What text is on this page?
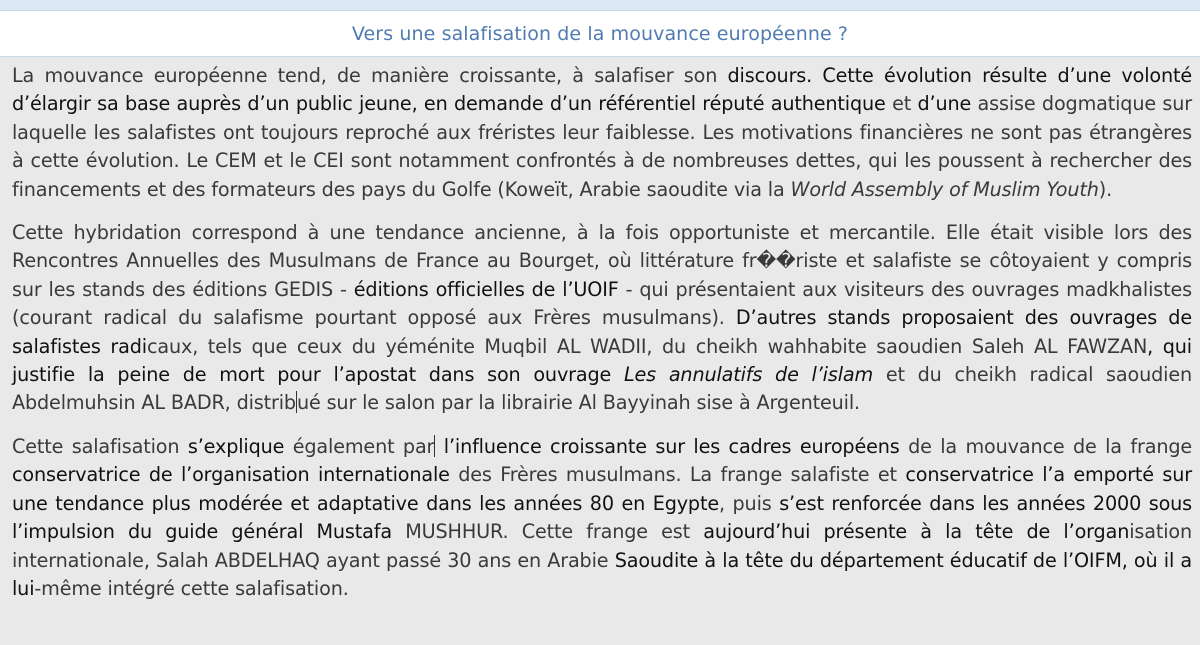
Vers une salafisation de la mouvance européenne ?

La mouvance européenne tend, de manière croissante, à salafiser son discours. Cette évolution résulte d’une volonté d’élargir sa base auprès d’un public jeune, en demande d’un référentiel réputé authentique et d’une assise dogmatique sur laquelle les salafistes ont toujours reproché aux fréristes leur faiblesse. Les motivations financières ne sont pas étrangères à cette évolution. Le CEM et le CEI sont notamment confrontés à de nombreuses dettes, qui les poussent à rechercher des financements et des formateurs des pays du Golfe (Koweït, Arabie saoudite via la World Assembly of Muslim Youth).

Cette hybridation correspond à une tendance ancienne, à la fois opportuniste et mercantile. Elle était visible lors des Rencontres Annuelles des Musulmans de France au Bourget, où littérature fr��riste et salafiste se côtoyaient y compris sur les stands des éditions GEDIS - éditions officielles de l’UOIF - qui présentaient aux visiteurs des ouvrages madkhalistes (courant radical du salafisme pourtant opposé aux Frères musulmans). D’autres stands proposaient des ouvrages de salafistes radicaux, tels que ceux du yéménite Muqbil AL WADII, du cheikh wahhabite saoudien Saleh AL FAWZAN, qui justifie la peine de mort pour l’apostat dans son ouvrage Les annulatifs de l’islam et du cheikh radical saoudien Abdelmuhsin AL BADR, distribué sur le salon par la librairie Al Bayyinah sise à Argenteuil.

Cette salafisation s’explique également par l’influence croissante sur les cadres européens de la mouvance de la frange conservatrice de l’organisation internationale des Frères musulmans. La frange salafiste et conservatrice l’a emporté sur une tendance plus modérée et adaptative dans les années 80 en Egypte, puis s’est renforcée dans les années 2000 sous l’impulsion du guide général Mustafa MUSHHUR. Cette frange est aujourd’hui présente à la tête de l’organisation internationale, Salah ABDELHAQ ayant passé 30 ans en Arabie Saoudite à la tête du département éducatif de l’OIFM, où il a lui-même intégré cette salafisation.
